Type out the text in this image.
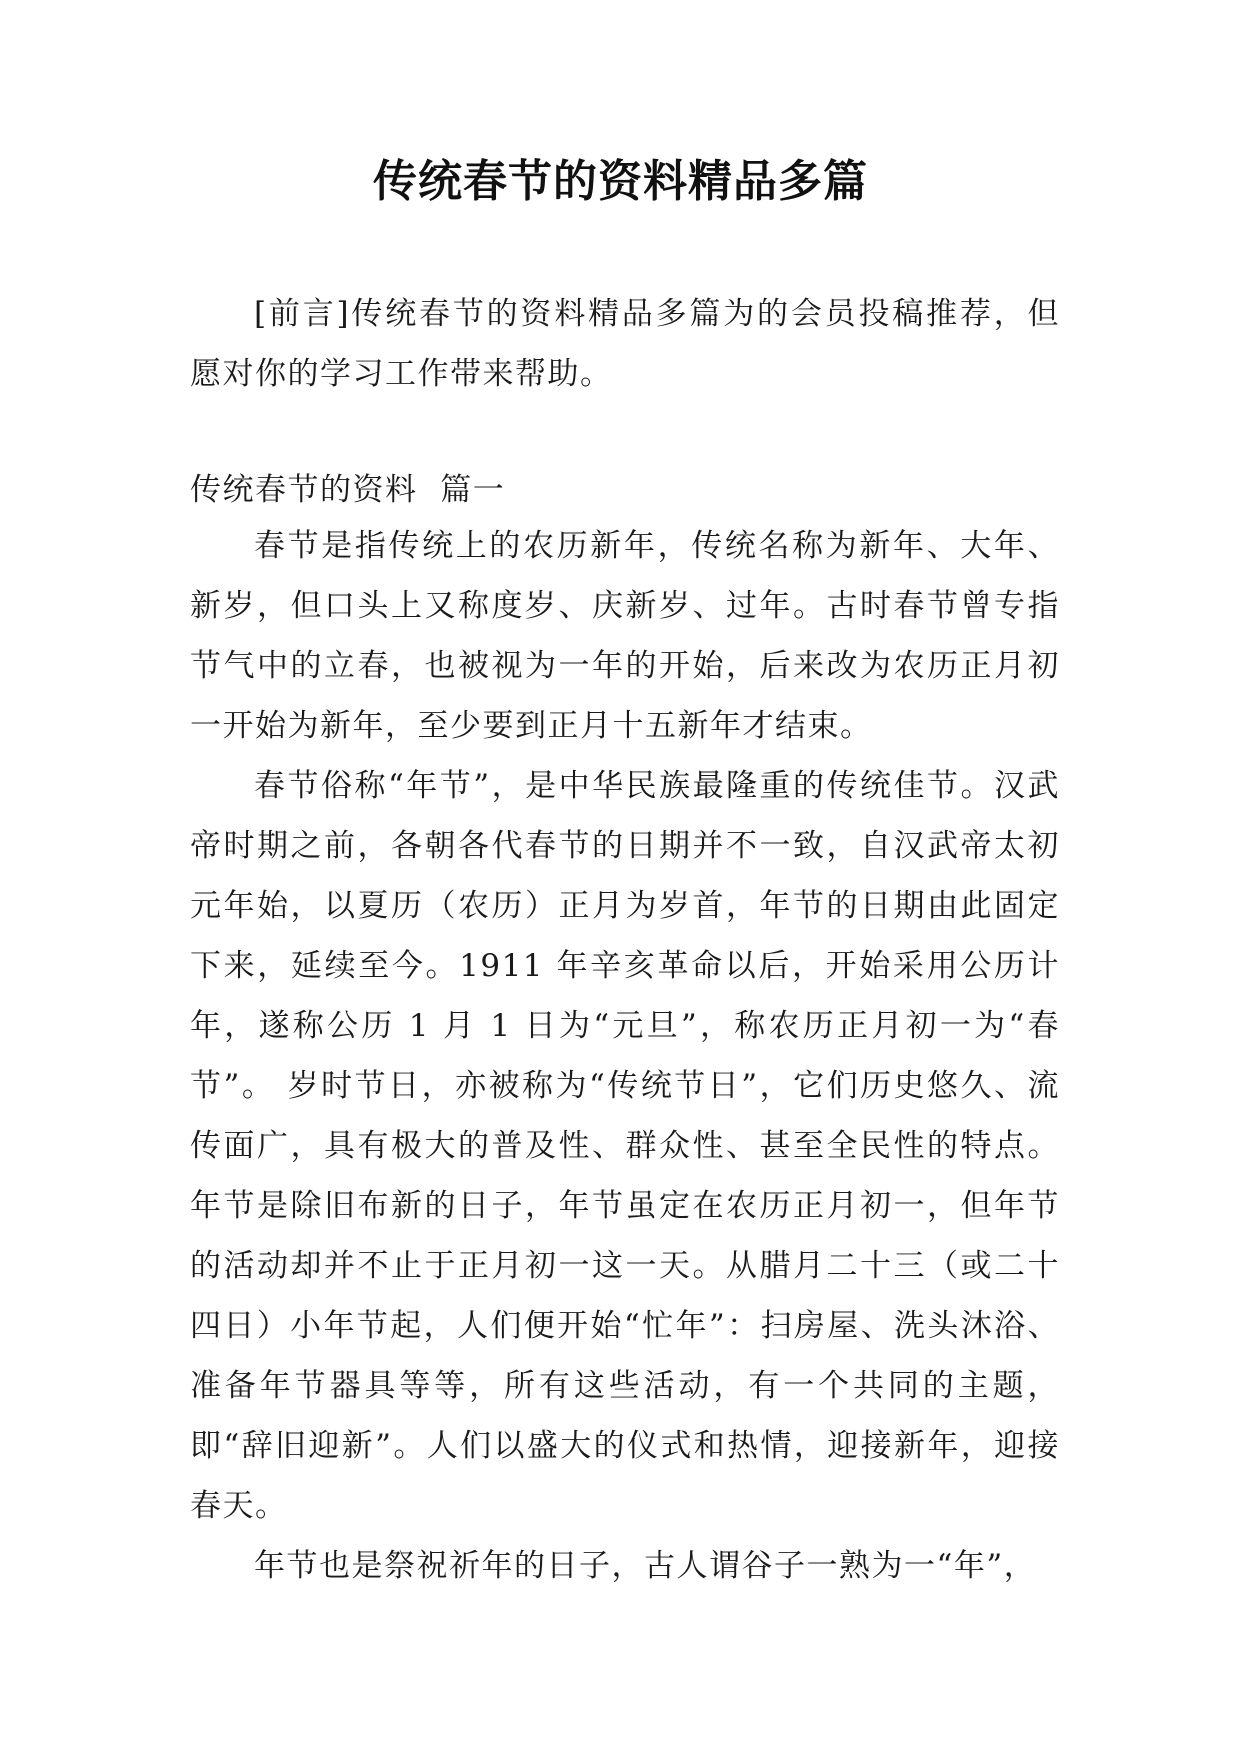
传统春节的资料精品多篇

[前言]传统春节的资料精品多篇为的会员投稿推荐，但愿对你的学习工作带来帮助。

传统春节的资料  篇一

春节是指传统上的农历新年，传统名称为新年、大年、新岁，但口头上又称度岁、庆新岁、过年。古时春节曾专指节气中的立春，也被视为一年的开始，后来改为农历正月初一开始为新年，至少要到正月十五新年才结束。

春节俗称“年节”，是中华民族最隆重的传统佳节。汉武帝时期之前，各朝各代春节的日期并不一致，自汉武帝太初元年始，以夏历（农历）正月为岁首，年节的日期由此固定下来，延续至今。1911 年辛亥革命以后，开始采用公历计年，遂称公历 1 月 1 日为“元旦”，称农历正月初一为“春节”。 岁时节日，亦被称为“传统节日”，它们历史悠久、流传面广，具有极大的普及性、群众性、甚至全民性的特点。年节是除旧布新的日子，年节虽定在农历正月初一，但年节的活动却并不止于正月初一这一天。从腊月二十三（或二十四日）小年节起，人们便开始“忙年”：扫房屋、洗头沐浴、准备年节器具等等，所有这些活动，有一个共同的主题，即“辞旧迎新”。人们以盛大的仪式和热情，迎接新年，迎接春天。

年节也是祭祝祈年的日子，古人谓谷子一熟为一“年”，
